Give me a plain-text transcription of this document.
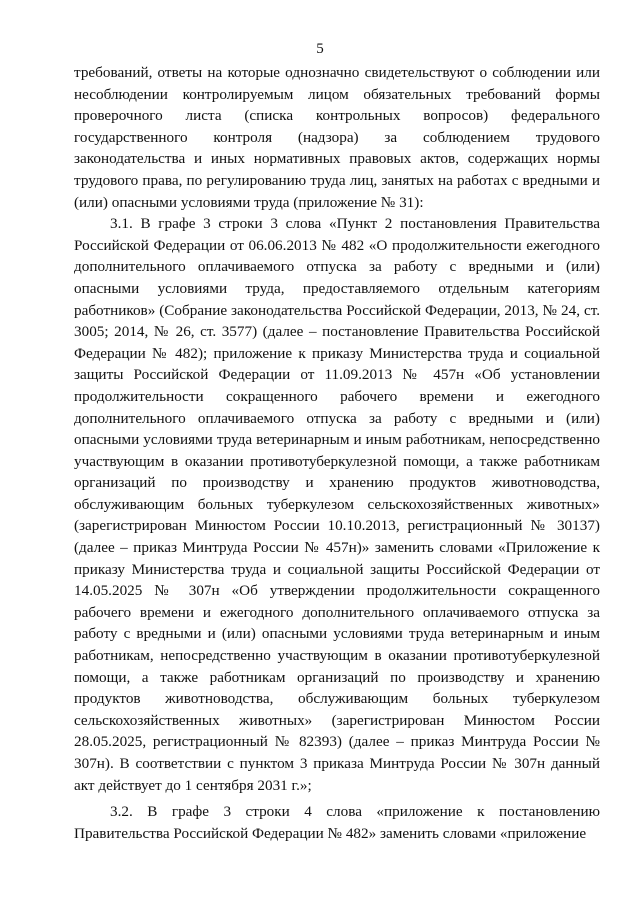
5

требований, ответы на которые однозначно свидетельствуют о соблюдении или несоблюдении контролируемым лицом обязательных требований формы проверочного листа (списка контрольных вопросов) федерального государственного контроля (надзора) за соблюдением трудового законодательства и иных нормативных правовых актов, содержащих нормы трудового права, по регулированию труда лиц, занятых на работах с вредными и (или) опасными условиями труда (приложение № 31):

3.1. В графе 3 строки 3 слова «Пункт 2 постановления Правительства Российской Федерации от 06.06.2013 № 482 «О продолжительности ежегодного дополнительного оплачиваемого отпуска за работу с вредными и (или) опасными условиями труда, предоставляемого отдельным категориям работников» (Собрание законодательства Российской Федерации, 2013, № 24, ст. 3005; 2014, № 26, ст. 3577) (далее – постановление Правительства Российской Федерации № 482); приложение к приказу Министерства труда и социальной защиты Российской Федерации от 11.09.2013 № 457н «Об установлении продолжительности сокращенного рабочего времени и ежегодного дополнительного оплачиваемого отпуска за работу с вредными и (или) опасными условиями труда ветеринарным и иным работникам, непосредственно участвующим в оказании противотуберкулезной помощи, а также работникам организаций по производству и хранению продуктов животноводства, обслуживающим больных туберкулезом сельскохозяйственных животных» (зарегистрирован Минюстом России 10.10.2013, регистрационный № 30137) (далее – приказ Минтруда России № 457н)» заменить словами «Приложение к приказу Министерства труда и социальной защиты Российской Федерации от 14.05.2025 № 307н «Об утверждении продолжительности сокращенного рабочего времени и ежегодного дополнительного оплачиваемого отпуска за работу с вредными и (или) опасными условиями труда ветеринарным и иным работникам, непосредственно участвующим в оказании противотуберкулезной помощи, а также работникам организаций по производству и хранению продуктов животноводства, обслуживающим больных туберкулезом сельскохозяйственных животных» (зарегистрирован Минюстом России 28.05.2025, регистрационный № 82393) (далее – приказ Минтруда России № 307н). В соответствии с пунктом 3 приказа Минтруда России № 307н данный акт действует до 1 сентября 2031 г.»;

3.2. В графе 3 строки 4 слова «приложение к постановлению Правительства Российской Федерации № 482» заменить словами «приложение
